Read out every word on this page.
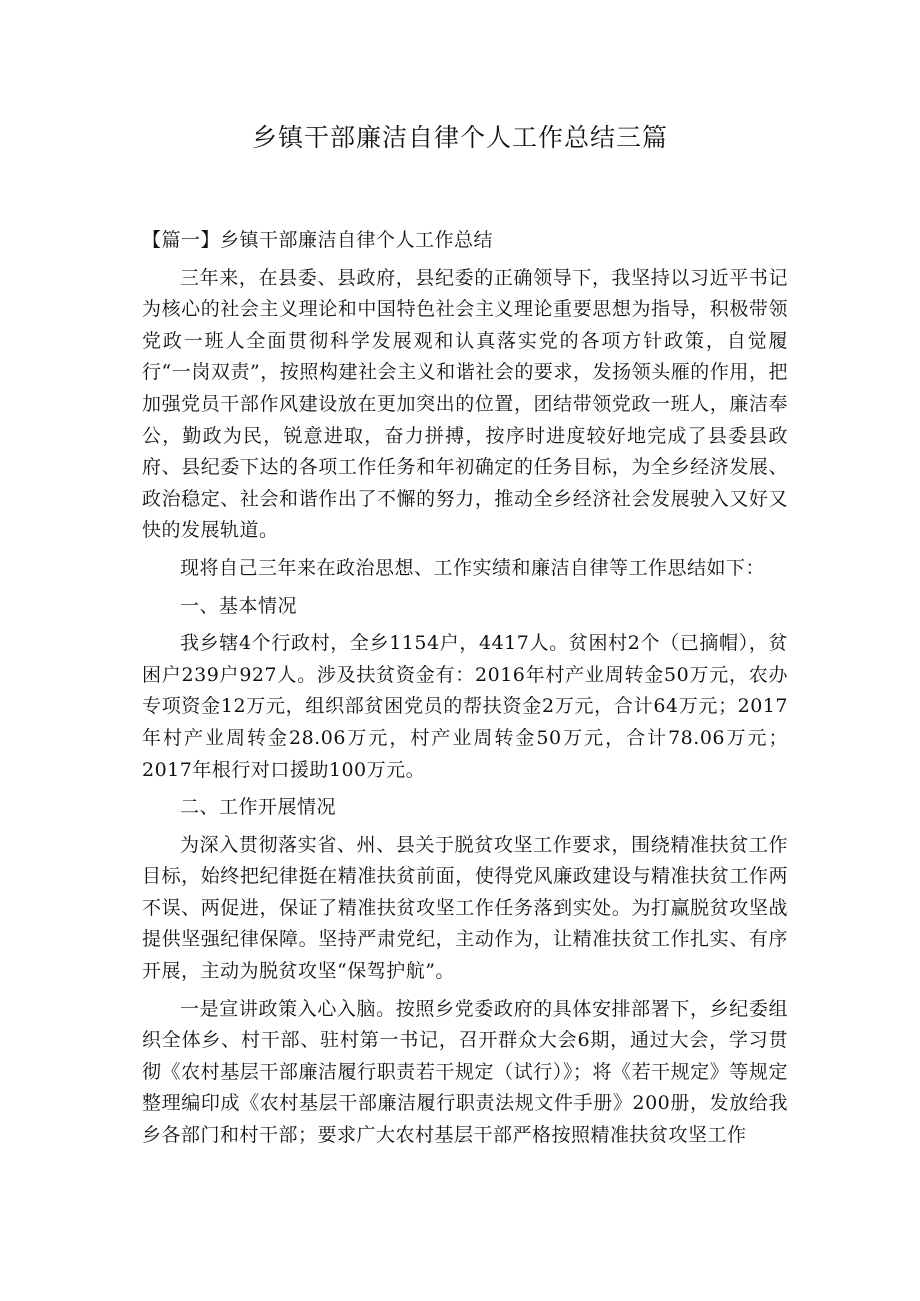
乡镇干部廉洁自律个人工作总结三篇

【篇一】乡镇干部廉洁自律个人工作总结

三年来，在县委、县政府，县纪委的正确领导下，我坚持以习近平书记为核心的社会主义理论和中国特色社会主义理论重要思想为指导，积极带领党政一班人全面贯彻科学发展观和认真落实党的各项方针政策，自觉履行“一岗双责”，按照构建社会主义和谐社会的要求，发扬领头雁的作用，把加强党员干部作风建设放在更加突出的位置，团结带领党政一班人，廉洁奉公，勤政为民，锐意进取，奋力拼搏，按序时进度较好地完成了县委县政府、县纪委下达的各项工作任务和年初确定的任务目标，为全乡经济发展、政治稳定、社会和谐作出了不懈的努力，推动全乡经济社会发展驶入又好又快的发展轨道。

现将自己三年来在政治思想、工作实绩和廉洁自律等工作思结如下：

一、基本情况

我乡辖4个行政村，全乡1154户，4417人。贫困村2个（已摘帽），贫困户239户927人。涉及扶贫资金有：2016年村产业周转金50万元，农办专项资金12万元，组织部贫困党员的帮扶资金2万元，合计64万元；2017年村产业周转金28.06万元，村产业周转金50万元，合计78.06万元；2017年根行对口援助100万元。

二、工作开展情况

为深入贯彻落实省、州、县关于脱贫攻坚工作要求，围绕精准扶贫工作目标，始终把纪律挺在精准扶贫前面，使得党风廉政建设与精准扶贫工作两不误、两促进，保证了精准扶贫攻坚工作任务落到实处。为打赢脱贫攻坚战提供坚强纪律保障。坚持严肃党纪，主动作为，让精准扶贫工作扎实、有序开展，主动为脱贫攻坚“保驾护航”。

一是宣讲政策入心入脑。按照乡党委政府的具体安排部署下，乡纪委组织全体乡、村干部、驻村第一书记，召开群众大会6期，通过大会，学习贯彻《农村基层干部廉洁履行职责若干规定（试行）》；将《若干规定》等规定整理编印成《农村基层干部廉洁履行职责法规文件手册》200册，发放给我乡各部门和村干部；要求广大农村基层干部严格按照精准扶贫攻坚工作
